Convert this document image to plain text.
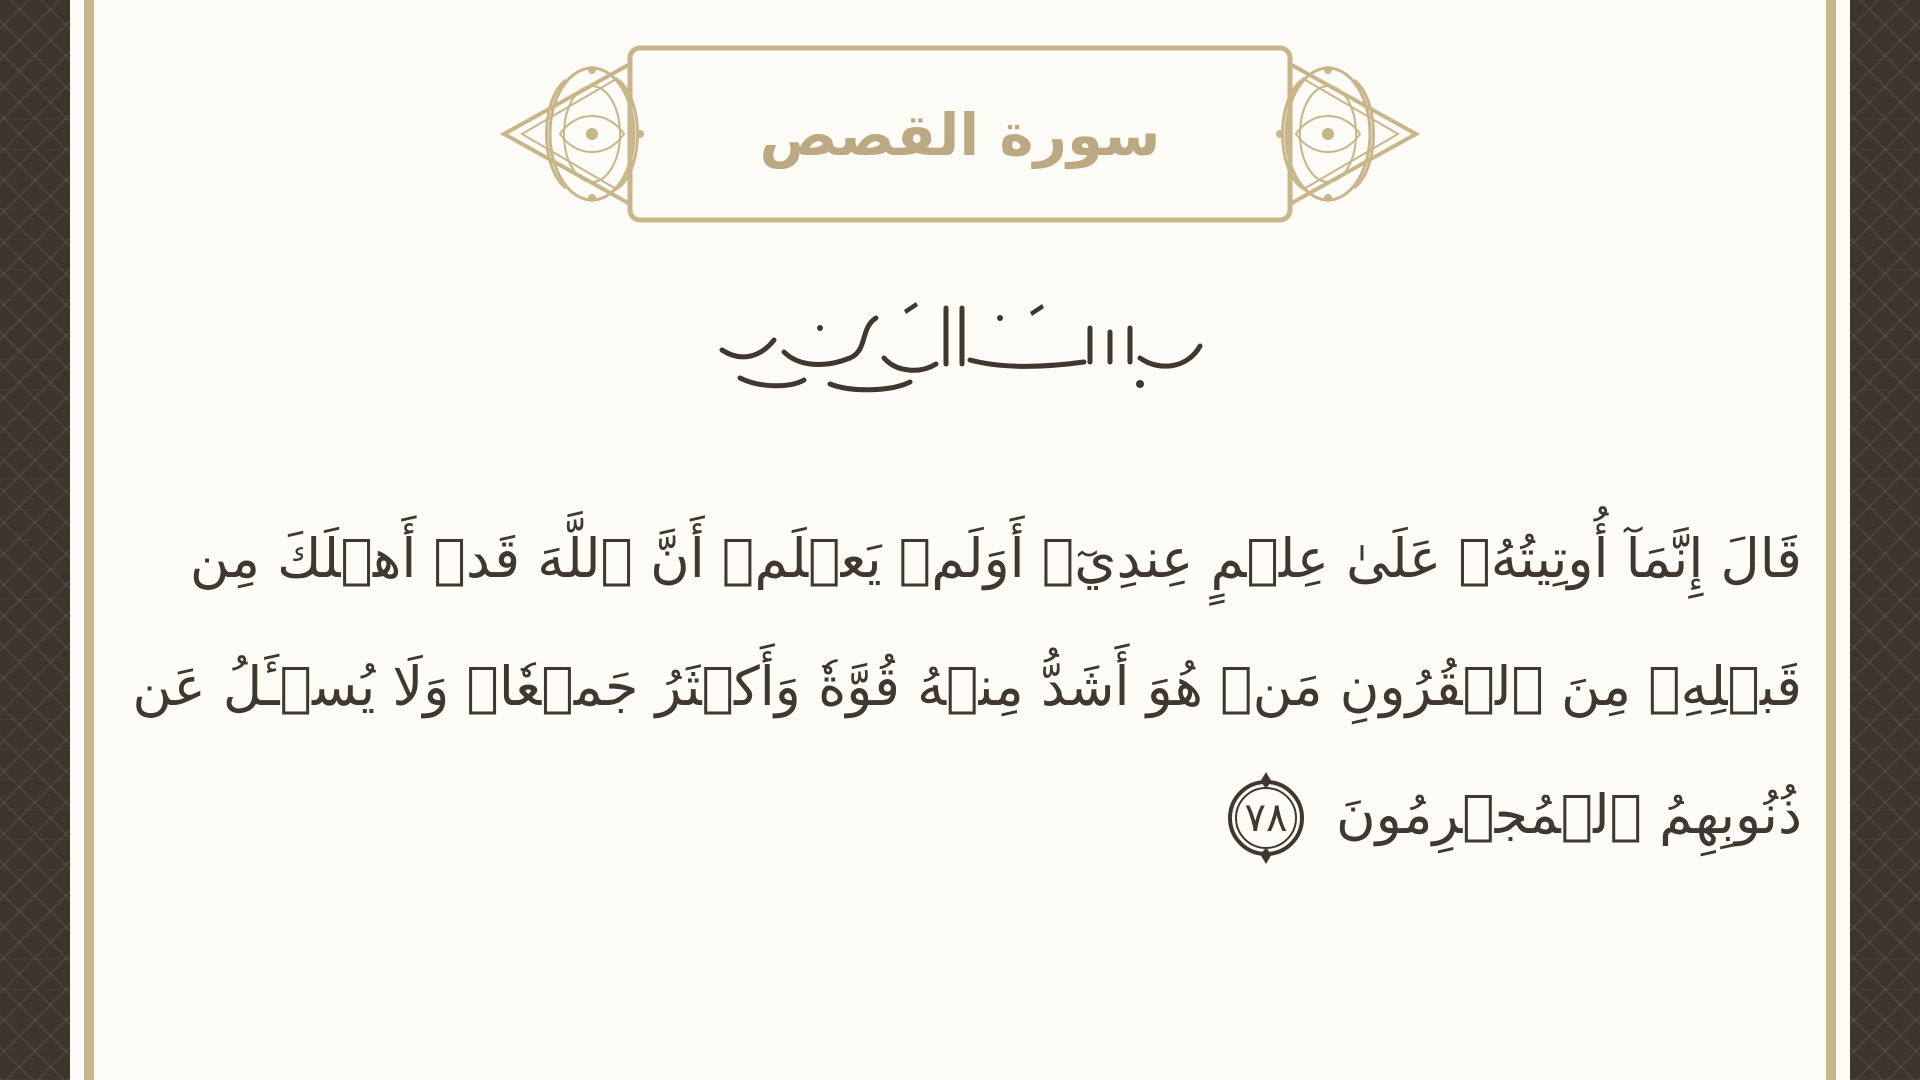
سورة القصص
قَالَ إِنَّمَآ أُوتِيتُهُۥ عَلَىٰ عِلۡمٍ عِندِيٓۚ أَوَلَمۡ يَعۡلَمۡ أَنَّ ٱللَّهَ قَدۡ أَهۡلَكَ مِن
قَبۡلِهِۦ مِنَ ٱلۡقُرُونِ مَنۡ هُوَ أَشَدُّ مِنۡهُ قُوَّةٗ وَأَكۡثَرُ جَمۡعٗاۚ وَلَا يُسۡـَٔلُ عَن
ذُنُوبِهِمُ ٱلۡمُجۡرِمُونَ
٧٨
